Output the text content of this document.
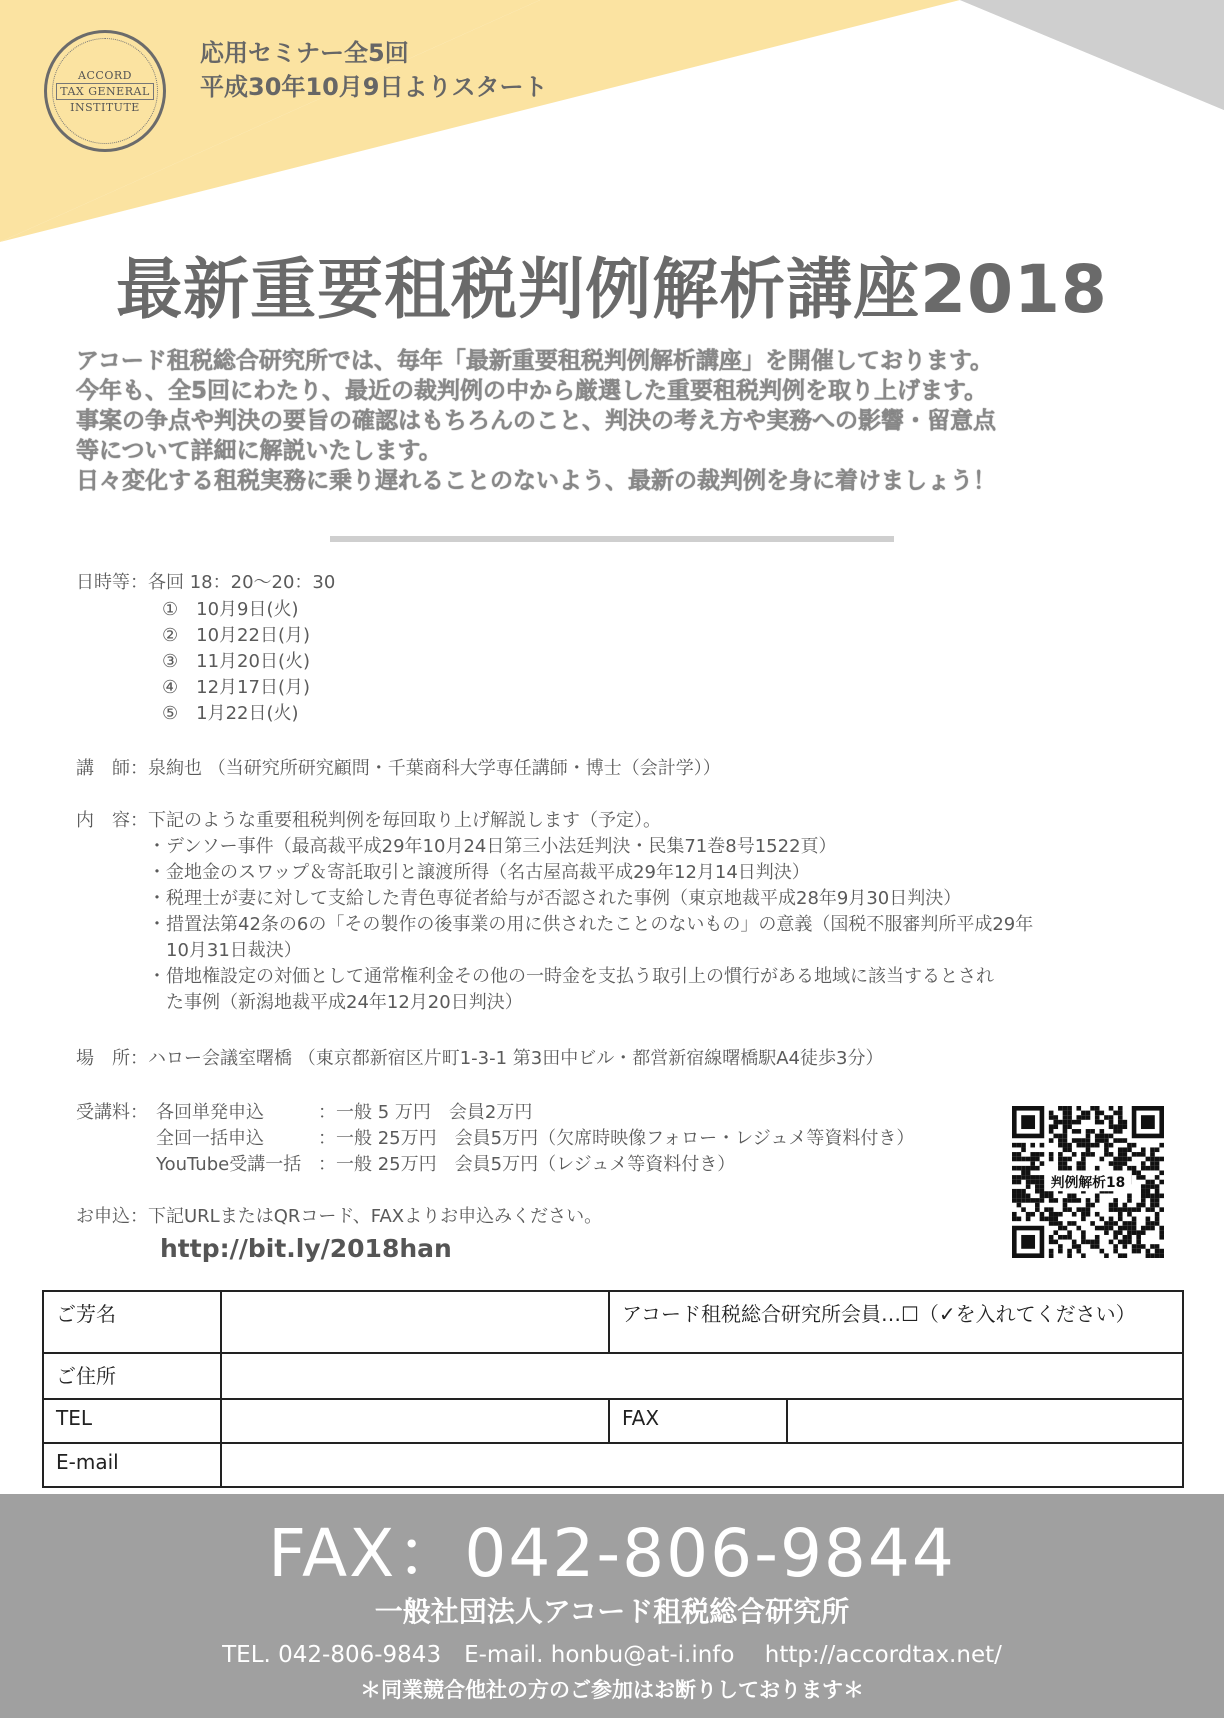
ACCORD
TAX GENERAL
INSTITUTE
応用セミナー全5回
平成30年10月9日よりスタート
最新重要租税判例解析講座2018
アコード租税総合研究所では、毎年「最新重要租税判例解析講座」を開催しております。
今年も、全5回にわたり、最近の裁判例の中から厳選した重要租税判例を取り上げます。
事案の争点や判決の要旨の確認はもちろんのこと、判決の考え方や実務への影響・留意点
等について詳細に解説いたします。
日々変化する租税実務に乗り遅れることのないよう、最新の裁判例を身に着けましょう！
日時等：各回 18：20～20：30
①　10月9日(火)
②　10月22日(月)
③　11月20日(火)
④　12月17日(月)
⑤　1月22日(火)
講　師：泉絢也 （当研究所研究顧問・千葉商科大学専任講師・博士（会計学））
内　容：下記のような重要租税判例を毎回取り上げ解説します（予定）。
・デンソー事件（最高裁平成29年10月24日第三小法廷判決・民集71巻8号1522頁）
・金地金のスワップ＆寄託取引と譲渡所得（名古屋高裁平成29年12月14日判決）
・税理士が妻に対して支給した青色専従者給与が否認された事例（東京地裁平成28年9月30日判決）
・措置法第42条の6の「その製作の後事業の用に供されたことのないもの」の意義（国税不服審判所平成29年
　10月31日裁決）
・借地権設定の対価として通常権利金その他の一時金を支払う取引上の慣行がある地域に該当するとされ
　た事例（新潟地裁平成24年12月20日判決）
場　所：ハロー会議室曙橋 （東京都新宿区片町1-3-1 第3田中ビル・都営新宿線曙橋駅A4徒歩3分）
受講料： 各回単発申込	：一般 5 万円　会員2万円
全回一括申込	：一般 25万円　会員5万円（欠席時映像フォロー・レジュメ等資料付き）
YouTube受講一括 ：一般 25万円　会員5万円（レジュメ等資料付き）
お申込：下記URLまたはQRコード、FAXよりお申込みください。
http://bit.ly/2018han
判例解析18
ご芳名		アコード租税総合研究所会員…☐（✓を入れてください）	
ご住所			
TEL		FAX	
E-mail			
FAX：042-806-9844
一般社団法人アコード租税総合研究所
TEL. 042-806-9843　E-mail. honbu@at-i.info　 http://accordtax.net/
＊同業競合他社の方のご参加はお断りしております＊
